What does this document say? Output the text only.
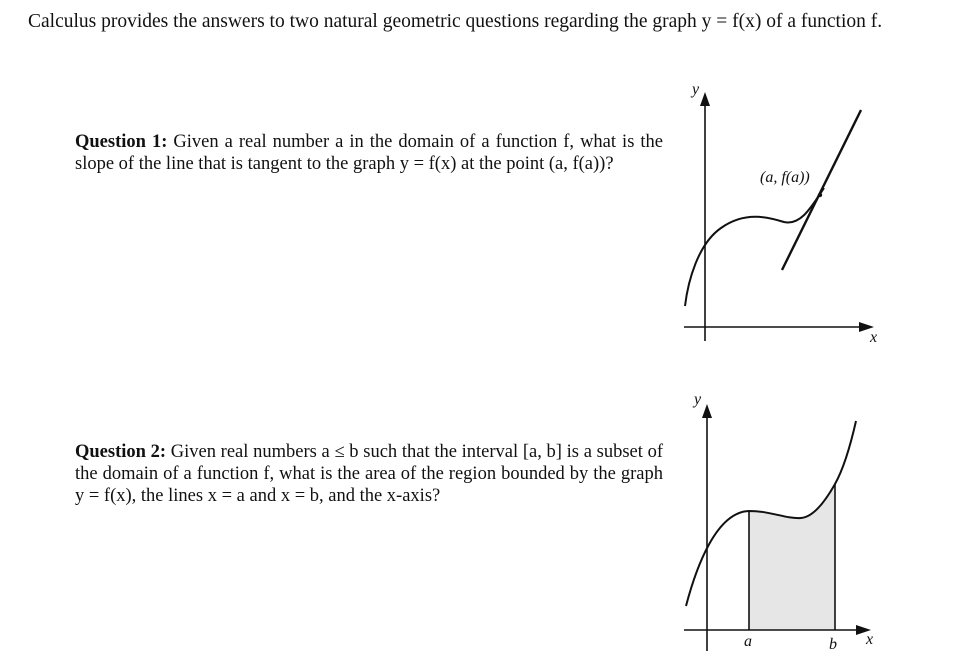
Calculus provides the answers to two natural geometric questions regarding the graph y = f(x) of a function f.
Question 1: Given a real number a in the domain of a function f, what is the slope of the line that is tangent to the graph y = f(x) at the point (a, f(a))?
Question 2: Given real numbers a ≤ b such that the interval [a, b] is a subset of the domain of a function f, what is the area of the region bounded by the graph y = f(x), the lines x = a and x = b, and the x-axis?
y
x
(a, f(a))
y
x
a	b
